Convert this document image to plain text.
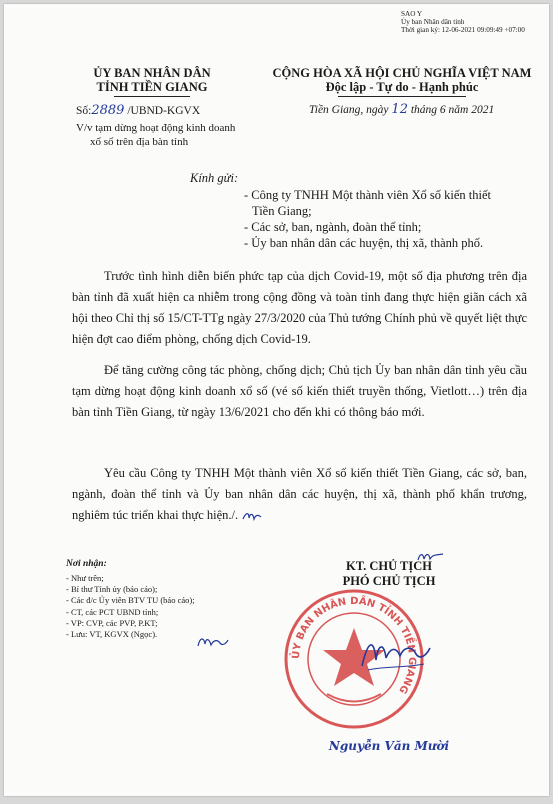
SAO Y
Ủy ban Nhân dân tỉnh
Thời gian ký: 12-06-2021 09:09:49 +07:00
ỦY BAN NHÂN DÂN
TỈNH TIỀN GIANG
CỘNG HÒA XÃ HỘI CHỦ NGHĨA VIỆT NAM
Độc lập - Tự do - Hạnh phúc
Số:2889 /UBND-KGVX	Tiền Giang, ngày 12 tháng 6 năm 2021
V/v tạm dừng hoạt động kinh doanh
xổ số trên địa bàn tỉnh
Kính gửi:
- Công ty TNHH Một thành viên Xổ số kiến thiết
Tiền Giang;
- Các sở, ban, ngành, đoàn thể tỉnh;
- Ủy ban nhân dân các huyện, thị xã, thành phố.
Trước tình hình diễn biến phức tạp của dịch Covid-19, một số địa phương trên địa bàn tỉnh đã xuất hiện ca nhiễm trong cộng đồng và toàn tỉnh đang thực hiện giãn cách xã hội theo Chỉ thị số 15/CT-TTg ngày 27/3/2020 của Thủ tướng Chính phủ về quyết liệt thực hiện đợt cao điểm phòng, chống dịch Covid-19.
Để tăng cường công tác phòng, chống dịch; Chủ tịch Ủy ban nhân dân tỉnh yêu cầu tạm dừng hoạt động kinh doanh xổ số (vé số kiến thiết truyền thống, Vietlott…) trên địa bàn tỉnh Tiền Giang, từ ngày 13/6/2021 cho đến khi có thông báo mới.
Yêu cầu Công ty TNHH Một thành viên Xổ số kiến thiết Tiền Giang, các sở, ban, ngành, đoàn thể tỉnh và Ủy ban nhân dân các huyện, thị xã, thành phố khẩn trương, nghiêm túc triển khai thực hiện./.
Nơi nhận:
- Như trên;
- Bí thư Tỉnh ủy (báo cáo);
- Các đ/c Ủy viên BTV TU (báo cáo);
- CT, các PCT UBND tỉnh;
- VP: CVP, các PVP, P.KT;
- Lưu: VT, KGVX (Ngọc).
ỦY BAN NHÂN DÂN TỈNH TIỀN GIANG
KT. CHỦ TỊCH
PHÓ CHỦ TỊCH
Nguyễn Văn Mười
